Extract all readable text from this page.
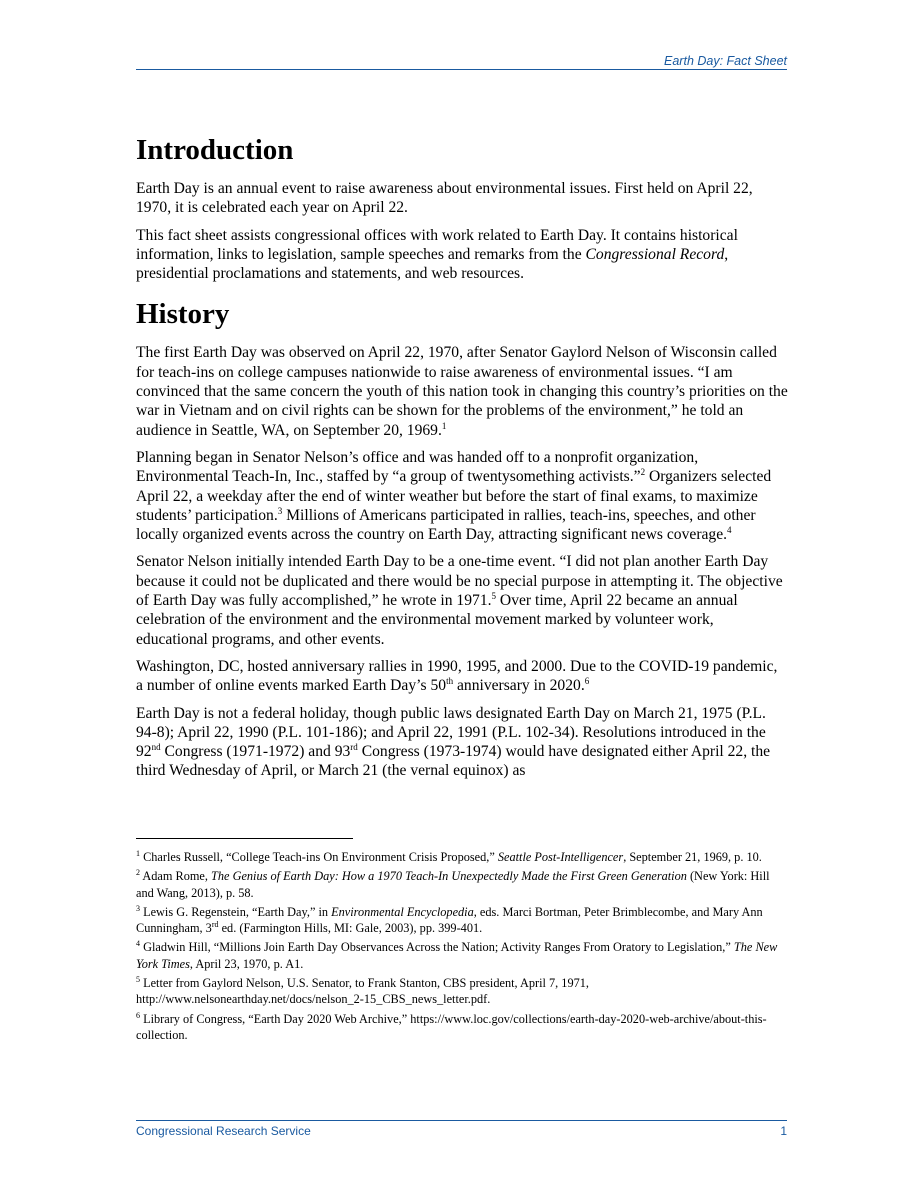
Earth Day: Fact Sheet
Introduction

Earth Day is an annual event to raise awareness about environmental issues. First held on April 22, 1970, it is celebrated each year on April 22.

This fact sheet assists congressional offices with work related to Earth Day. It contains historical information, links to legislation, sample speeches and remarks from the Congressional Record, presidential proclamations and statements, and web resources.

History

The first Earth Day was observed on April 22, 1970, after Senator Gaylord Nelson of Wisconsin called for teach-ins on college campuses nationwide to raise awareness of environmental issues. “I am convinced that the same concern the youth of this nation took in changing this country’s priorities on the war in Vietnam and on civil rights can be shown for the problems of the environment,” he told an audience in Seattle, WA, on September 20, 1969.$^1$

Planning began in Senator Nelson’s office and was handed off to a nonprofit organization, Environmental Teach-In, Inc., staffed by “a group of twentysomething activists.”$^2$ Organizers selected April 22, a weekday after the end of winter weather but before the start of final exams, to maximize students’ participation.$^3$ Millions of Americans participated in rallies, teach-ins, speeches, and other locally organized events across the country on Earth Day, attracting significant news coverage.$^4$

Senator Nelson initially intended Earth Day to be a one-time event. “I did not plan another Earth Day because it could not be duplicated and there would be no special purpose in attempting it. The objective of Earth Day was fully accomplished,” he wrote in 1971.$^5$ Over time, April 22 became an annual celebration of the environment and the environmental movement marked by volunteer work, educational programs, and other events.

Washington, DC, hosted anniversary rallies in 1990, 1995, and 2000. Due to the COVID-19 pandemic, a number of online events marked Earth Day’s 50th anniversary in 2020.$^6$

Earth Day is not a federal holiday, though public laws designated Earth Day on March 21, 1975 (P.L. 94-8); April 22, 1990 (P.L. 101-186); and April 22, 1991 (P.L. 102-34). Resolutions introduced in the 92nd Congress (1971-1972) and 93rd Congress (1973-1974) would have designated either April 22, the third Wednesday of April, or March 21 (the vernal equinox) as

$^1$ Charles Russell, “College Teach-ins On Environment Crisis Proposed,” Seattle Post-Intelligencer, September 21, 1969, p. 10.

$^2$ Adam Rome, The Genius of Earth Day: How a 1970 Teach-In Unexpectedly Made the First Green Generation (New York: Hill and Wang, 2013), p. 58.

$^3$ Lewis G. Regenstein, “Earth Day,” in Environmental Encyclopedia, eds. Marci Bortman, Peter Brimblecombe, and Mary Ann Cunningham, 3rd ed. (Farmington Hills, MI: Gale, 2003), pp. 399-401.

$^4$ Gladwin Hill, “Millions Join Earth Day Observances Across the Nation; Activity Ranges From Oratory to Legislation,” The New York Times, April 23, 1970, p. A1.

$^5$ Letter from Gaylord Nelson, U.S. Senator, to Frank Stanton, CBS president, April 7, 1971, http://www.nelsonearthday.net/docs/nelson_2-15_CBS_news_letter.pdf.

$^6$ Library of Congress, “Earth Day 2020 Web Archive,” https://www.loc.gov/collections/earth-day-2020-web-archive/about-this-collection.

Congressional Research Service	1
